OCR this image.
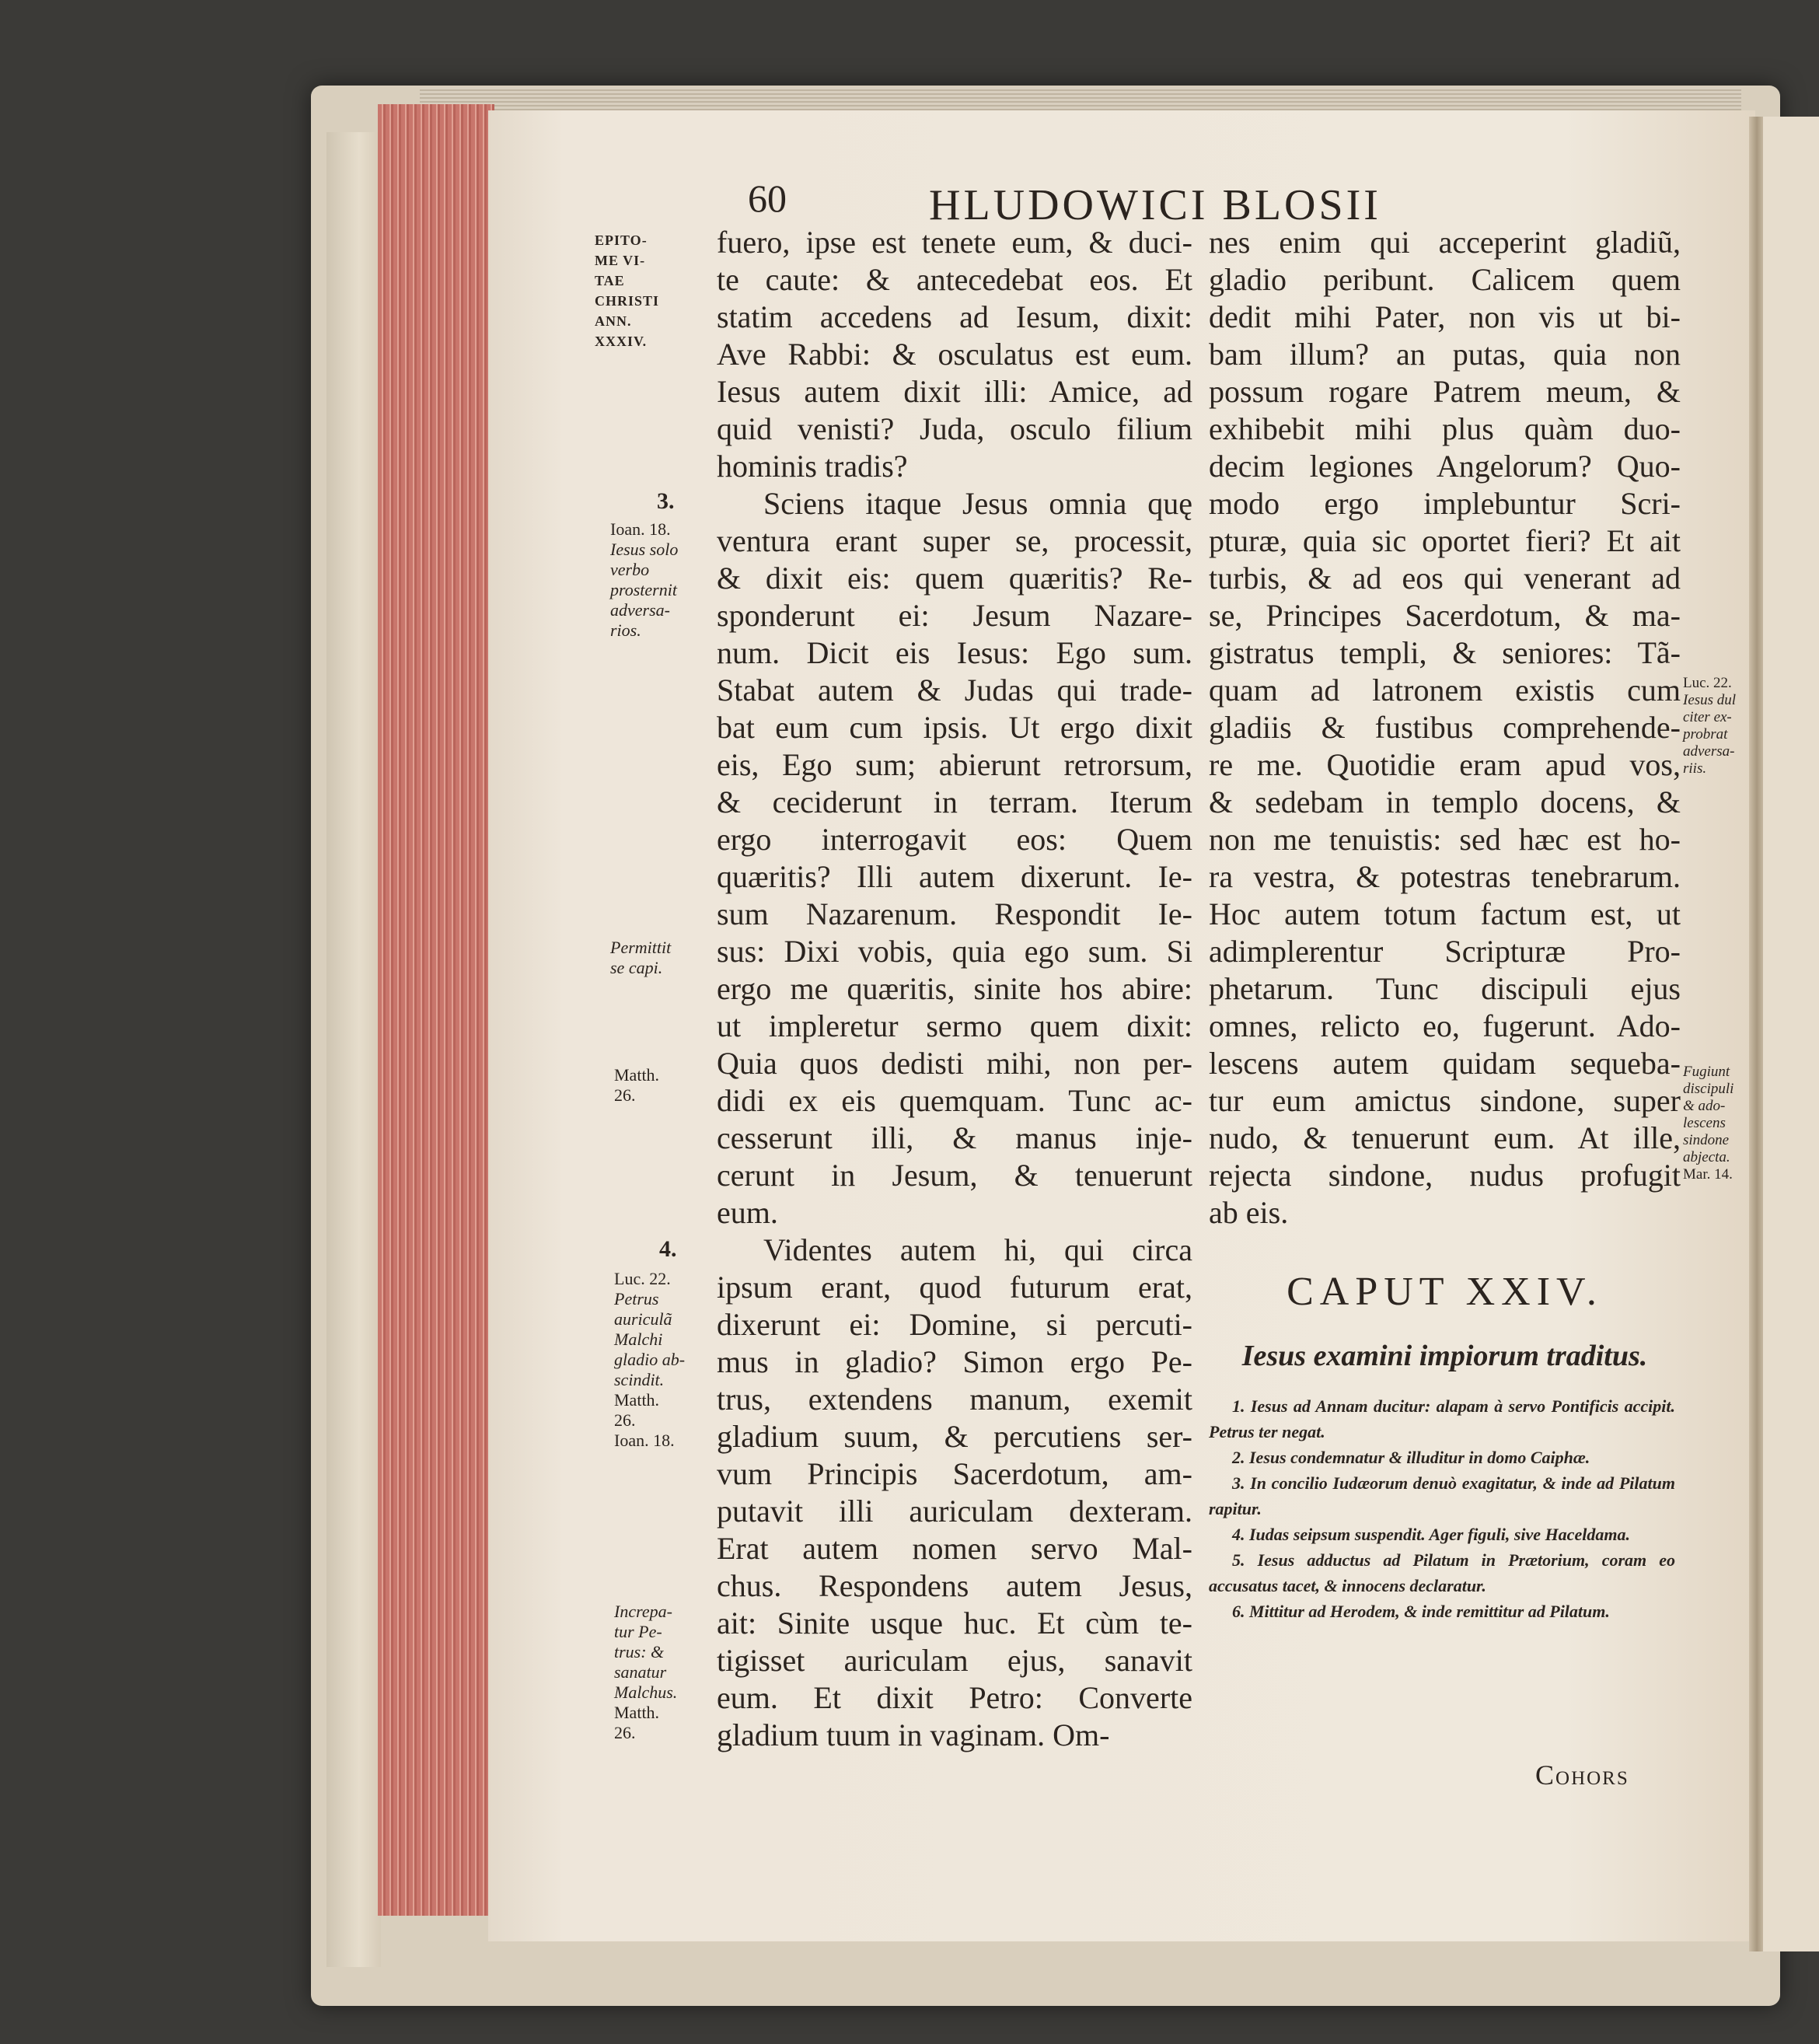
60	HLUDOWICI BLOSII
fuero, ipse est tenete eum, & duci-
te caute: & antecedebat eos. Et
statim accedens ad Iesum, dixit:
Ave Rabbi: & osculatus est eum.
Iesus autem dixit illi: Amice, ad
quid venisti? Juda, osculo filium
hominis tradis?
Sciens itaque Jesus omnia quę
ventura erant super se, processit,
& dixit eis: quem quæritis? Re-
sponderunt ei: Jesum Nazare-
num. Dicit eis Iesus: Ego sum.
Stabat autem & Judas qui trade-
bat eum cum ipsis. Ut ergo dixit
eis, Ego sum; abierunt retrorsum,
& ceciderunt in terram. Iterum
ergo interrogavit eos: Quem
quæritis? Illi autem dixerunt. Ie-
sum Nazarenum. Respondit Ie-
sus: Dixi vobis, quia ego sum. Si
ergo me quæritis, sinite hos abire:
ut impleretur sermo quem dixit:
Quia quos dedisti mihi, non per-
didi ex eis quemquam. Tunc ac-
cesserunt illi, & manus inje-
cerunt in Jesum, & tenuerunt
eum.
Videntes autem hi, qui circa
ipsum erant, quod futurum erat,
dixerunt ei: Domine, si percuti-
mus in gladio? Simon ergo Pe-
trus, extendens manum, exemit
gladium suum, & percutiens ser-
vum Principis Sacerdotum, am-
putavit illi auriculam dexteram.
Erat autem nomen servo Mal-
chus. Respondens autem Jesus,
ait: Sinite usque huc. Et cùm te-
tigisset auriculam ejus, sanavit
eum. Et dixit Petro: Converte
gladium tuum in vaginam. Om-
nes enim qui acceperint gladiũ,
gladio peribunt. Calicem quem
dedit mihi Pater, non vis ut bi-
bam illum? an putas, quia non
possum rogare Patrem meum, &
exhibebit mihi plus quàm duo-
decim legiones Angelorum? Quo-
modo ergo implebuntur Scri-
pturæ, quia sic oportet fieri? Et ait
turbis, & ad eos qui venerant ad
se, Principes Sacerdotum, & ma-
gistratus templi, & seniores: Tã-
quam ad latronem existis cum
gladiis & fustibus comprehende-
re me. Quotidie eram apud vos,
& sedebam in templo docens, &
non me tenuistis: sed hæc est ho-
ra vestra, & potestras tenebrarum.
Hoc autem totum factum est, ut
adimplerentur Scripturæ Pro-
phetarum. Tunc discipuli ejus
omnes, relicto eo, fugerunt. Ado-
lescens autem quidam sequeba-
tur eum amictus sindone, super
nudo, & tenuerunt eum. At ille,
rejecta sindone, nudus profugit
ab eis.
EPITO-
ME VI-
TAE
CHRISTI
ANN.
XXXIV.
3.
Ioan. 18.
Iesus solo
verbo
prosternit
adversa-
rios.
Permittit
se capi.
Matth.
26.
4.
Luc. 22.
Petrus
auriculã
Malchi
gladio ab-
scindit.
Matth.
26.
Ioan. 18.
Increpa-
tur Pe-
trus: &
sanatur
Malchus.
Matth.
26.
Luc. 22.
Iesus dul
citer ex-
probrat
adversa-
riis.
Fugiunt
discipuli
& ado-
lescens
sindone
abjecta.
Mar. 14.
CAPUT XXIV.
Iesus examini impiorum traditus.
1. Iesus ad Annam ducitur: alapam à servo Pontificis accipit. Petrus ter negat.
2. Iesus condemnatur & illuditur in domo Caiphæ.
3. In concilio Iudæorum denuò exagitatur, & inde ad Pilatum rapitur.
4. Iudas seipsum suspendit. Ager figuli, sive Haceldama.
5. Iesus adductus ad Pilatum in Prætorium, coram eo accusatus tacet, & innocens declaratur.
6. Mittitur ad Herodem, & inde remittitur ad Pilatum.
Cohors
